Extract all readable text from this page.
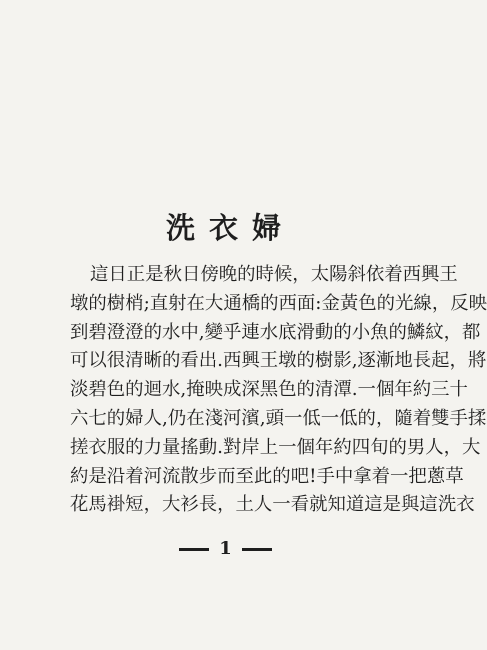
洗衣婦
這日正是秋日傍晚的時候，太陽斜依着西興王
墩的樹梢;直射在大通橋的西面:金黃色的光線，反映
到碧澄澄的水中,變乎連水底滑動的小魚的鱗紋，都
可以很清晰的看出.西興王墩的樹影,逐漸地長起，將
淡碧色的迴水,掩映成深黑色的清潭.一個年約三十
六七的婦人,仍在淺河濱,頭一低一低的，隨着雙手揉
搓衣服的力量搖動.對岸上一個年約四旬的男人，大
約是沿着河流散步而至此的吧!手中拿着一把蔥草
花馬褂短，大衫長，土人一看就知道這是與這洗衣
1
